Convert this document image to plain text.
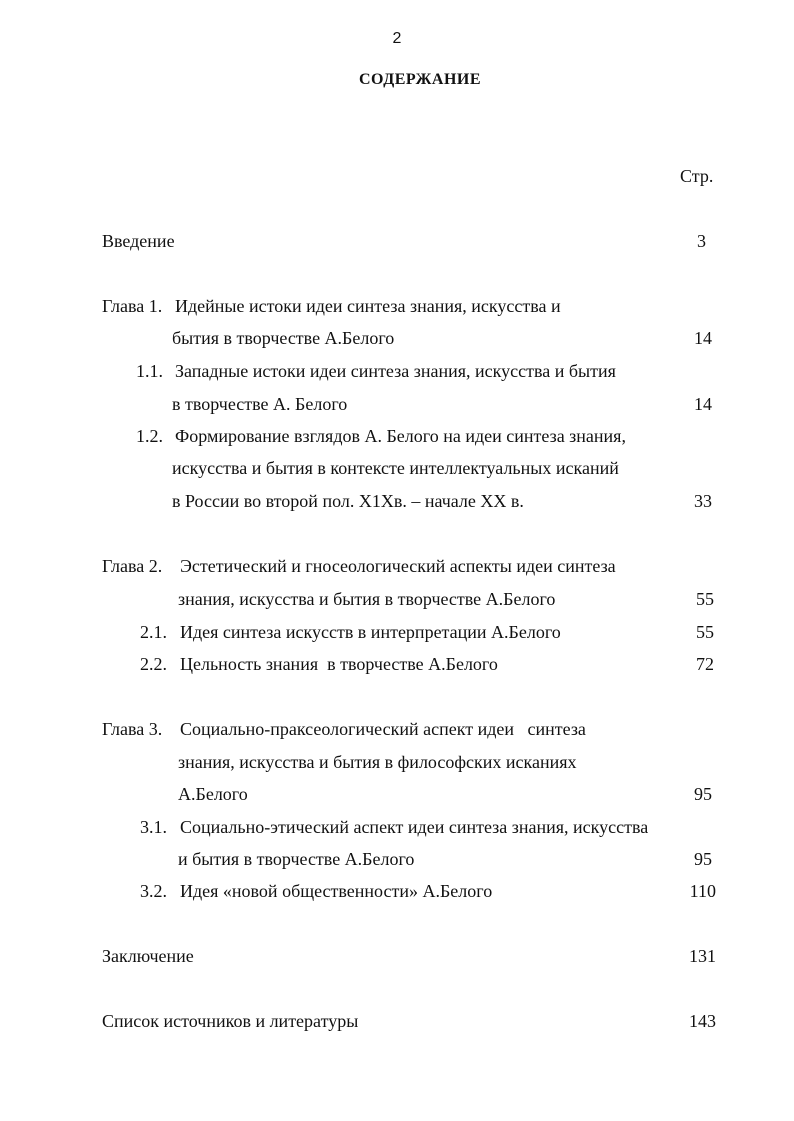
2
СОДЕРЖАНИЕ
Стр.
Введение	3
Глава 1. Идейные истоки идеи синтеза знания, искусства и
бытия в творчестве А.Белого	14
1.1. Западные истоки идеи синтеза знания, искусства и бытия
в творчестве А. Белого	14
1.2. Формирование взглядов А. Белого на идеи синтеза знания,
искусства и бытия в контексте интеллектуальных исканий
в России во второй пол. Х1Хв. – начале ХХ в.	33
Глава 2. Эстетический и гносеологический аспекты идеи синтеза
знания, искусства и бытия в творчестве А.Белого	55
2.1. Идея синтеза искусств в интерпретации А.Белого	55
2.2. Цельность знания  в творчестве А.Белого	72
Глава 3. Социально-праксеологический аспект идеи   синтеза
знания, искусства и бытия в философских исканиях
А.Белого	95
3.1. Социально-этический аспект идеи синтеза знания, искусства
и бытия в творчестве А.Белого	95
3.2. Идея «новой общественности» А.Белого	110
Заключение	131
Список источников и литературы	143
